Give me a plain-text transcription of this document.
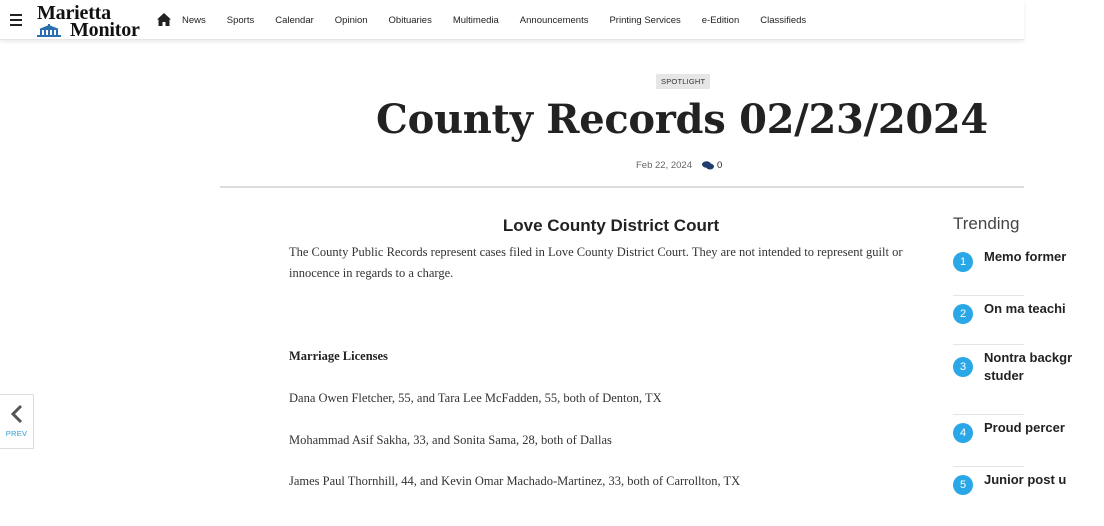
Marietta
Monitor	News Sports Calendar Opinion Obituaries Multimedia Announcements Printing Services e-Edition Classifieds
PREV
SPOTLIGHT
County Records 02/23/2024
Feb 22, 2024	0
Love County District Court

The County Public Records represent cases filed in Love County District Court. They are not intended to represent guilt or innocence in regards to a charge.

Marriage Licenses

Dana Owen Fletcher, 55, and Tara Lee McFadden, 55, both of Denton, TX

Mohammad Asif Sakha, 33, and Sonita Sama, 28, both of Dallas

James Paul Thornhill, 44, and Kevin Omar Machado-Martinez, 33, both of Carrollton, TX

Trending
1	Memo former
2	On ma teachi
3
Nontra backgr studer
4	Proud percer
5	Junior post u
